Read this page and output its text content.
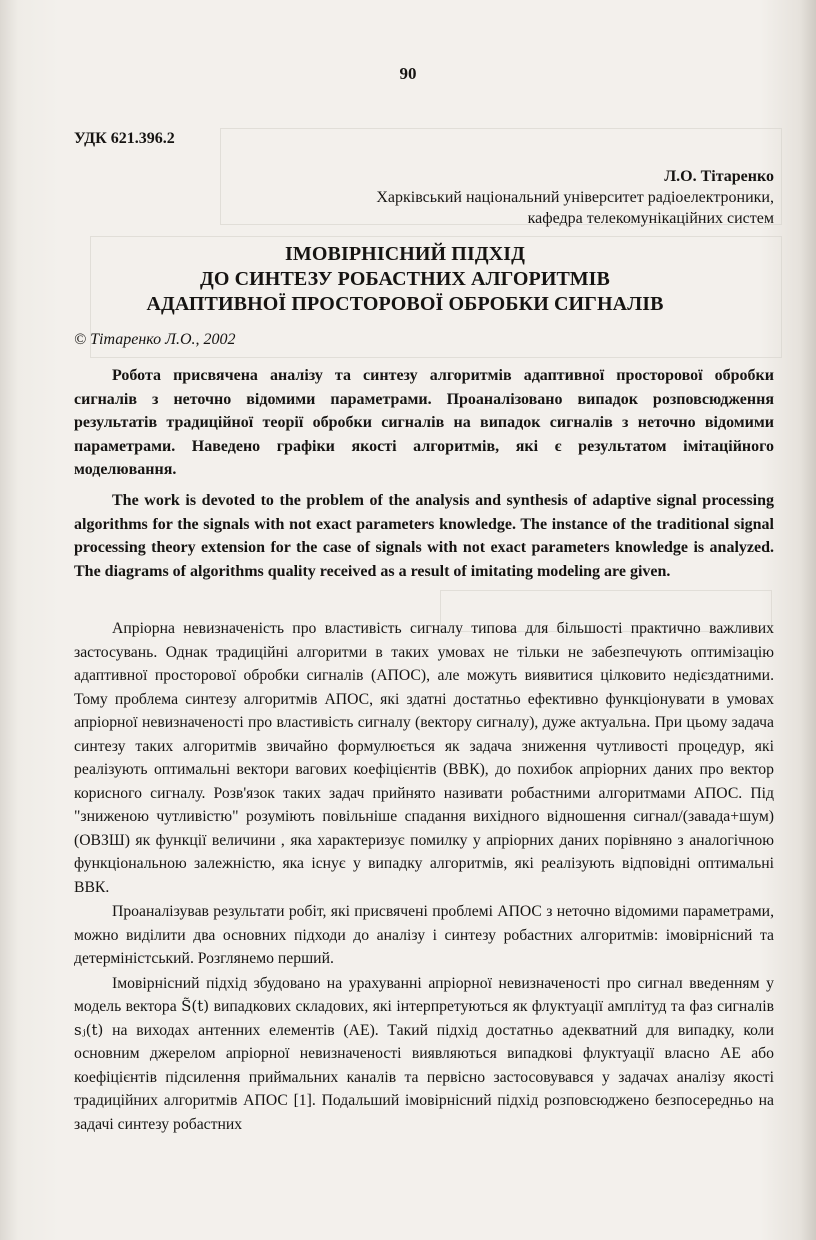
90
УДК 621.396.2
Л.О. Тітаренко
Харківський національний університет радіоелектроники,
кафедра телекомунікаційних систем
ІМОВІРНІСНИЙ ПІДХІД
ДО СИНТЕЗУ РОБАСТНИХ АЛГОРИТМІВ
АДАПТИВНОЇ ПРОСТОРОВОЇ ОБРОБКИ СИГНАЛІВ
© Тітаренко Л.О., 2002

Робота присвячена аналізу та синтезу алгоритмів адаптивної просторової обробки сигналів з неточно відомими параметрами. Проаналізовано випадок розповсюдження результатів традиційної теорії обробки сигналів на випадок сигналів з неточно відомими параметрами. Наведено графіки якості алгоритмів, які є результатом імітаційного моделювання.

The work is devoted to the problem of the analysis and synthesis of adaptive signal processing algorithms for the signals with not exact parameters knowledge. The instance of the traditional signal processing theory extension for the case of signals with not exact parameters knowledge is analyzed. The diagrams of algorithms quality received as a result of imitating modeling are given.

Апріорна невизначеність про властивість сигналу типова для більшості практично важливих застосувань. Однак традиційні алгоритми в таких умовах не тільки не забезпечують оптимізацію адаптивної просторової обробки сигналів (АПОС), але можуть виявитися цілковито недієздатними. Тому проблема синтезу алгоритмів АПОС, які здатні достатньо ефективно функціонувати в умовах апріорної невизначеності про властивість сигналу (вектору сигналу), дуже актуальна. При цьому задача синтезу таких алгоритмів звичайно формулюється як задача зниження чутливості процедур, які реалізують оптимальні вектори вагових коефіцієнтів (ВВК), до похибок апріорних даних про вектор корисного сигналу. Розв'язок таких задач прийнято називати робастними алгоритмами АПОС. Під "зниженою чутливістю" розуміють повільніше спадання вихідного відношення сигнал/(завада+шум) (ОВЗШ) як функції величини , яка характеризує помилку у апріорних даних порівняно з аналогічною функціональною залежністю, яка існує у випадку алгоритмів, які реалізують відповідні оптимальні ВВК.

Проаналізував результати робіт, які присвячені проблемі АПОС з неточно відомими параметрами, можно виділити два основних підходи до аналізу і синтезу робастних алгоритмів: імовірнісний та детерміністський. Розглянемо перший.

Імовірнісний підхід збудовано на урахуванні апріорної невизначеності про сигнал введенням у модель вектора S̃(t) випадкових складових, які інтерпретуються як флуктуації амплітуд та фаз сигналів sⱼ(t) на виходах антенних елементів (АЕ). Такий підхід достатньо адекватний для випадку, коли основним джерелом апріорної невизначеності виявляються випадкові флуктуації власно АЕ або коефіцієнтів підсилення приймальних каналів та первісно застосовувався у задачах аналізу якості традиційних алгоритмів АПОС [1]. Подальший імовірнісний підхід розповсюджено безпосередньо на задачі синтезу робастних
